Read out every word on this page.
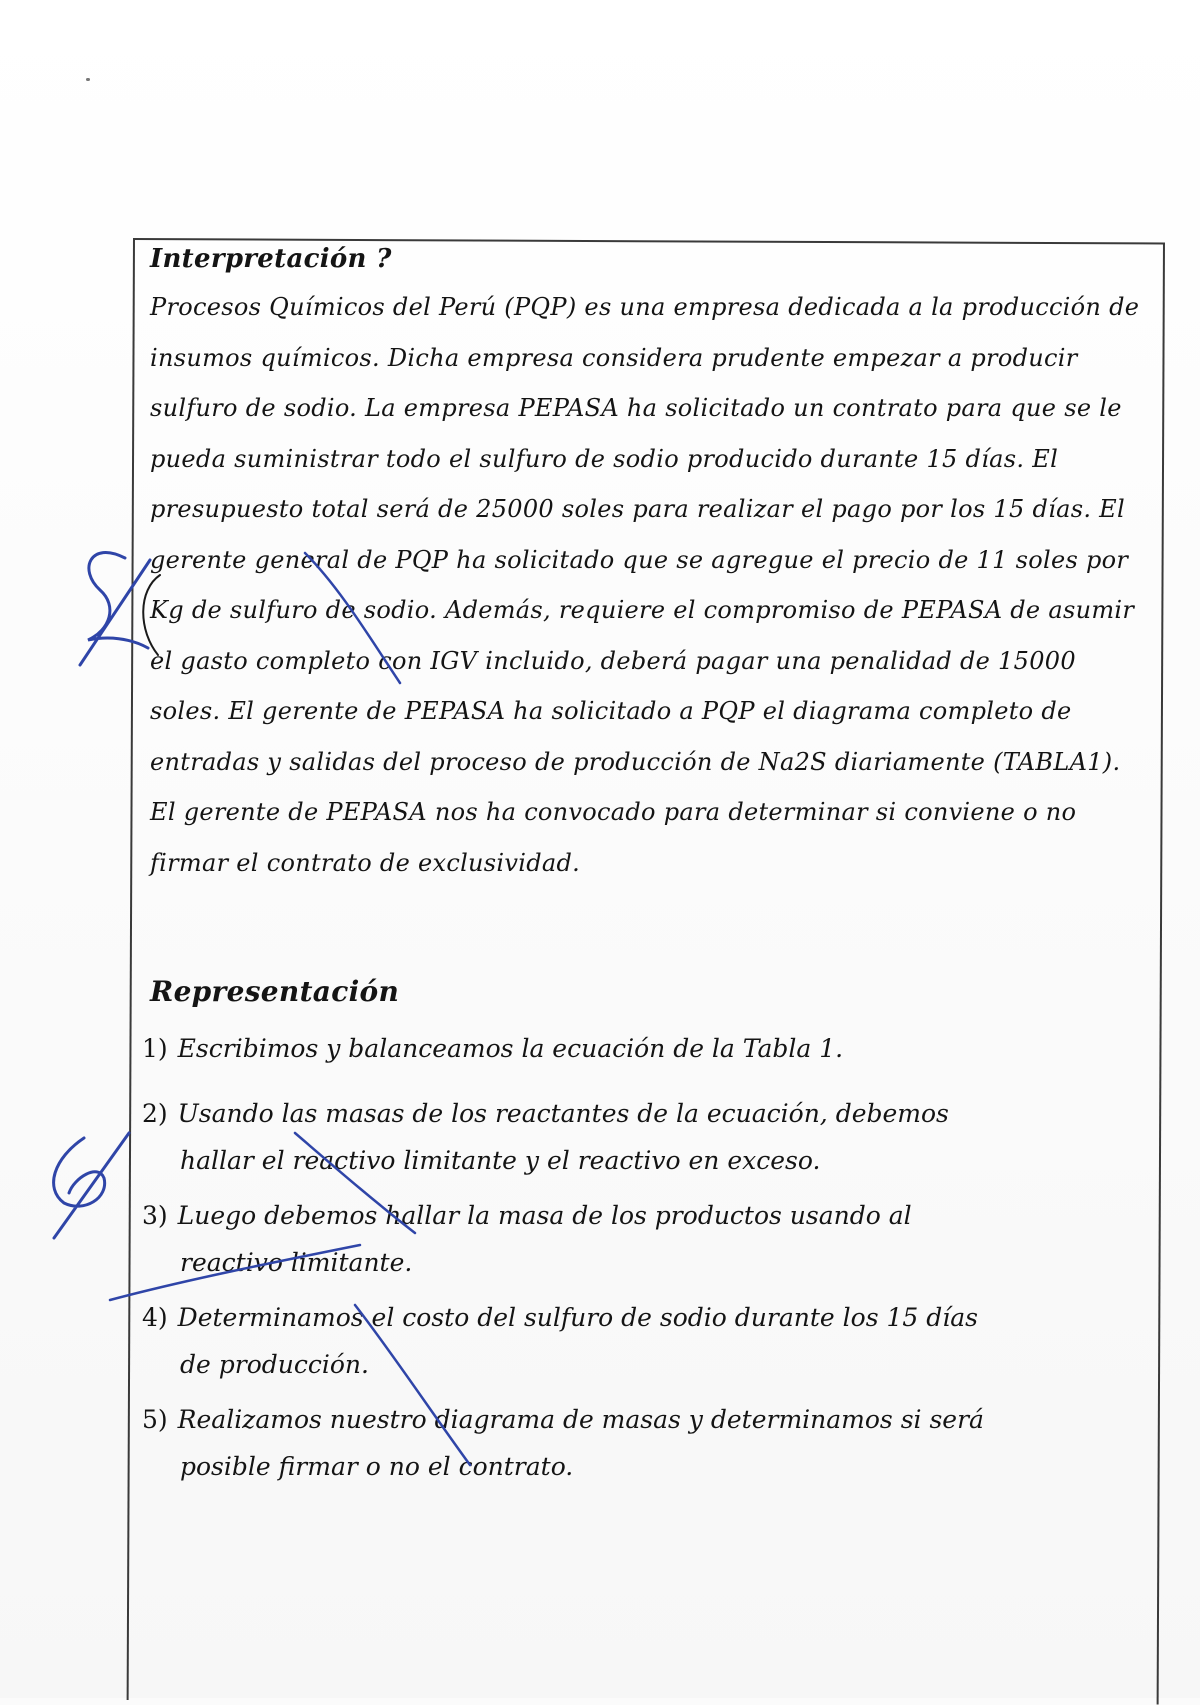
Interpretación ?

Procesos Químicos del Perú (PQP) es una empresa dedicada a la producción de insumos químicos. Dicha empresa considera prudente empezar a producir sulfuro de sodio. La empresa PEPASA ha solicitado un contrato para que se le pueda suministrar todo el sulfuro de sodio producido durante 15 días. El presupuesto total será de 25000 soles para realizar el pago por los 15 días. El gerente general de PQP ha solicitado que se agregue el precio de 11 soles por Kg de sulfuro de sodio. Además, requiere el compromiso de PEPASA de asumir el gasto completo con IGV incluido, deberá pagar una penalidad de 15000 soles. El gerente de PEPASA ha solicitado a PQP el diagrama completo de entradas y salidas del proceso de producción de Na2S diariamente (TABLA1). El gerente de PEPASA nos ha convocado para determinar si conviene o no firmar el contrato de exclusividad.

Representación
1) Escribimos y balanceamos la ecuación de la Tabla 1.
2) Usando las masas de los reactantes de la ecuación, debemos
hallar el reactivo limitante y el reactivo en exceso.
3) Luego debemos hallar la masa de los productos usando al
reactivo limitante.
4) Determinamos el costo del sulfuro de sodio durante los 15 días
de producción.
5) Realizamos nuestro diagrama de masas y determinamos si será
posible firmar o no el contrato.
